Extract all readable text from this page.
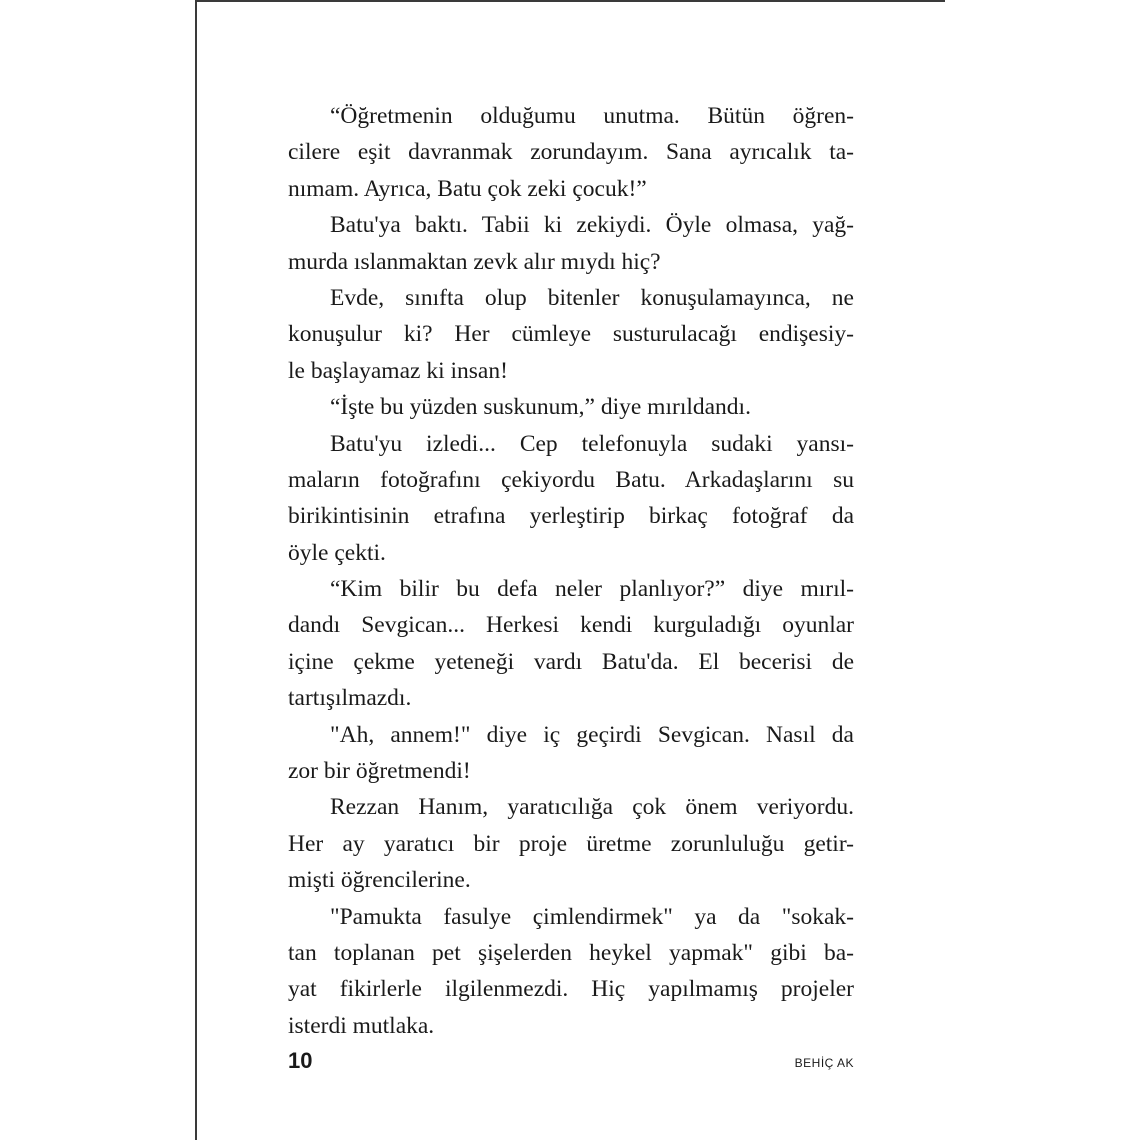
“Öğretmenin olduğumu unutma. Bütün öğren-
cilere eşit davranmak zorundayım. Sana ayrıcalık ta-
nımam. Ayrıca, Batu çok zeki çocuk!”
Batu'ya baktı. Tabii ki zekiydi. Öyle olmasa, yağ-
murda ıslanmaktan zevk alır mıydı hiç?
Evde, sınıfta olup bitenler konuşulamayınca, ne
konuşulur ki? Her cümleye susturulacağı endişesiy-
le başlayamaz ki insan!
“İşte bu yüzden suskunum,” diye mırıldandı.
Batu'yu izledi... Cep telefonuyla sudaki yansı-
maların fotoğrafını çekiyordu Batu. Arkadaşlarını su
birikintisinin etrafına yerleştirip birkaç fotoğraf da
öyle çekti.
“Kim bilir bu defa neler planlıyor?” diye mırıl-
dandı Sevgican... Herkesi kendi kurguladığı oyunlar
içine çekme yeteneği vardı Batu'da. El becerisi de
tartışılmazdı.
"Ah, annem!" diye iç geçirdi Sevgican. Nasıl da
zor bir öğretmendi!
Rezzan Hanım, yaratıcılığa çok önem veriyordu.
Her ay yaratıcı bir proje üretme zorunluluğu getir-
mişti öğrencilerine.
"Pamukta fasulye çimlendirmek" ya da "sokak-
tan toplanan pet şişelerden heykel yapmak" gibi ba-
yat fikirlerle ilgilenmezdi. Hiç yapılmamış projeler
isterdi mutlaka.
10	BEHİÇ AK
